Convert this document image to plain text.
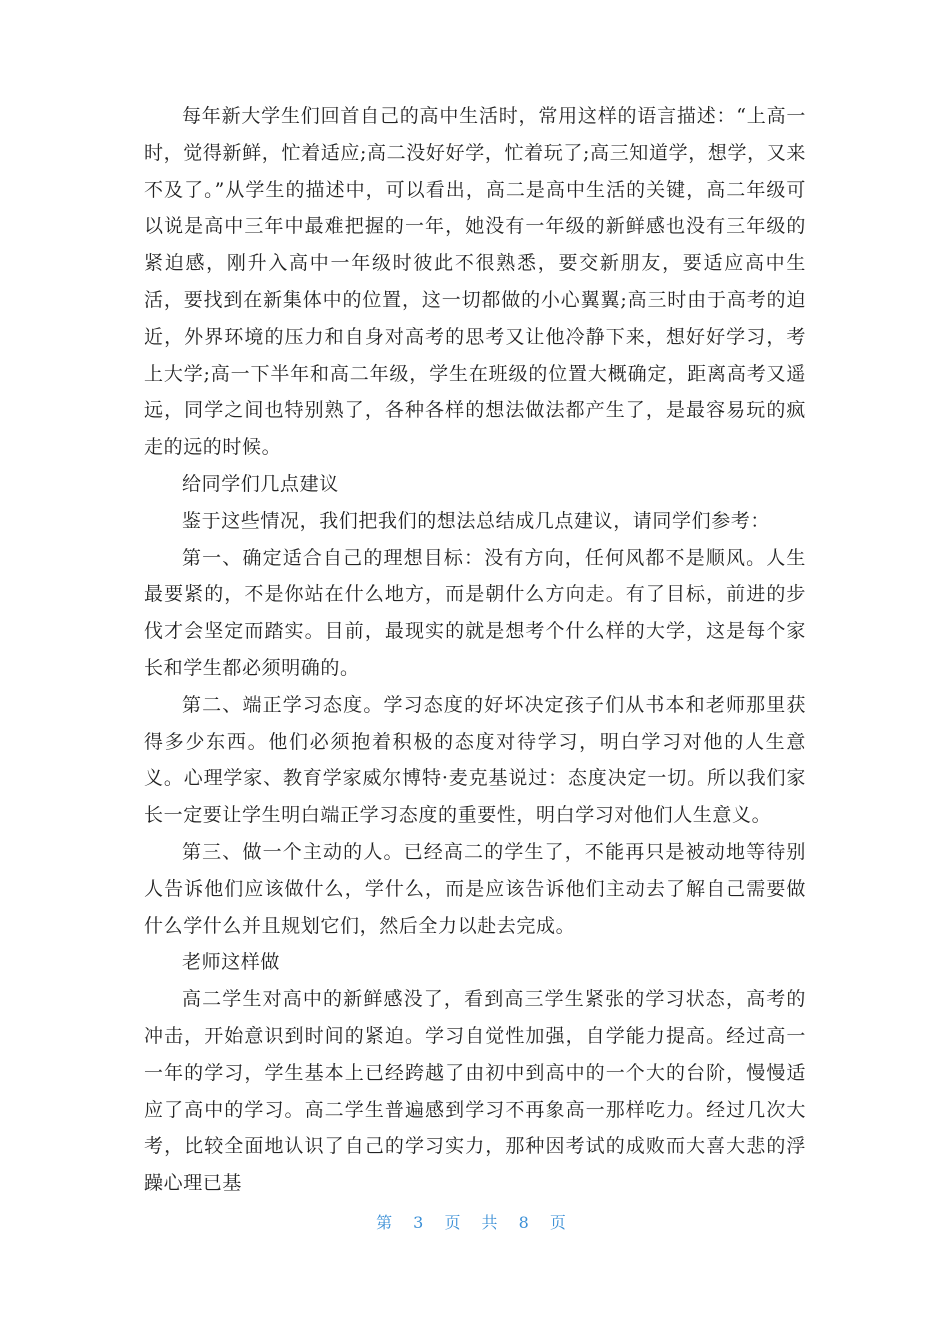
每年新大学生们回首自己的高中生活时，常用这样的语言描述：“上高一时，觉得新鲜，忙着适应;高二没好好学，忙着玩了;高三知道学，想学，又来不及了。”从学生的描述中，可以看出，高二是高中生活的关键，高二年级可以说是高中三年中最难把握的一年，她没有一年级的新鲜感也没有三年级的紧迫感，刚升入高中一年级时彼此不很熟悉，要交新朋友，要适应高中生活，要找到在新集体中的位置，这一切都做的小心翼翼;高三时由于高考的迫近，外界环境的压力和自身对高考的思考又让他冷静下来，想好好学习，考上大学;高一下半年和高二年级，学生在班级的位置大概确定，距离高考又遥远，同学之间也特别熟了，各种各样的想法做法都产生了，是最容易玩的疯走的远的时候。

给同学们几点建议

鉴于这些情况，我们把我们的想法总结成几点建议，请同学们参考：

第一、确定适合自己的理想目标：没有方向，任何风都不是顺风。人生最要紧的，不是你站在什么地方，而是朝什么方向走。有了目标，前进的步伐才会坚定而踏实。目前，最现实的就是想考个什么样的大学，这是每个家长和学生都必须明确的。

第二、端正学习态度。学习态度的好坏决定孩子们从书本和老师那里获得多少东西。他们必须抱着积极的态度对待学习，明白学习对他的人生意义。心理学家、教育学家威尔博特·麦克基说过：态度决定一切。所以我们家长一定要让学生明白端正学习态度的重要性，明白学习对他们人生意义。

第三、做一个主动的人。已经高二的学生了，不能再只是被动地等待别人告诉他们应该做什么，学什么，而是应该告诉他们主动去了解自己需要做什么学什么并且规划它们，然后全力以赴去完成。

老师这样做

高二学生对高中的新鲜感没了，看到高三学生紧张的学习状态，高考的冲击，开始意识到时间的紧迫。学习自觉性加强，自学能力提高。经过高一一年的学习，学生基本上已经跨越了由初中到高中的一个大的台阶，慢慢适应了高中的学习。高二学生普遍感到学习不再象高一那样吃力。经过几次大考，比较全面地认识了自己的学习实力，那种因考试的成败而大喜大悲的浮躁心理已基

第 3 页 共 8 页
